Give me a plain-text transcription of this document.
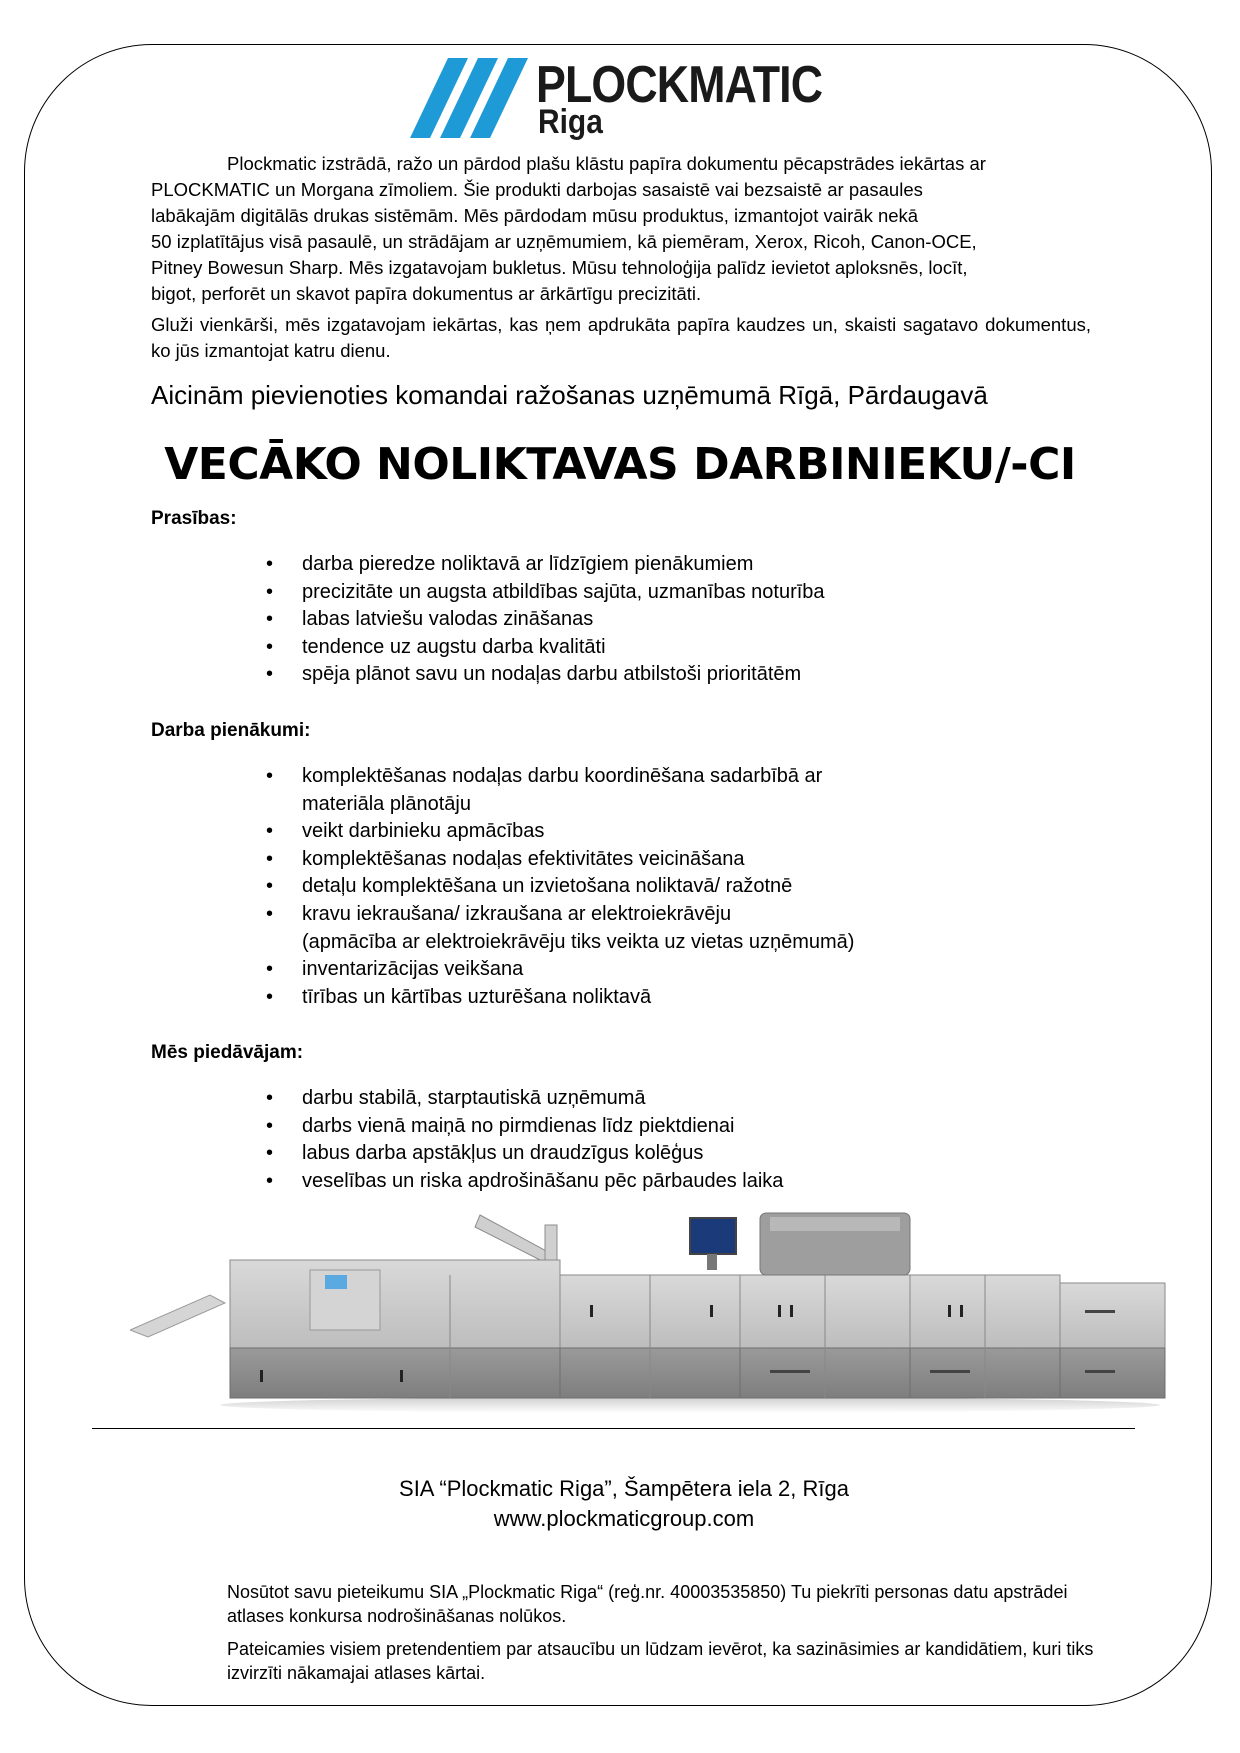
PLOCKMATIC
Riga

Plockmatic izstrādā, ražo un pārdod plašu klāstu papīra dokumentu pēcapstrādes iekārtas ar

PLOCKMATIC un Morgana zīmoliem. Šie produkti darbojas sasaistē vai bezsaistē ar pasaules

labākajām digitālās drukas sistēmām. Mēs pārdodam mūsu produktus, izmantojot vairāk nekā

50 izplatītājus visā pasaulē, un strādājam ar uzņēmumiem, kā piemēram, Xerox, Ricoh, Canon-OCE,

Pitney Bowesun Sharp. Mēs izgatavojam bukletus. Mūsu tehnoloģija palīdz ievietot aploksnēs, locīt,

bigot, perforēt un skavot papīra dokumentus ar ārkārtīgu precizitāti.

Gluži vienkārši, mēs izgatavojam iekārtas, kas ņem apdrukāta papīra kaudzes un, skaisti sagatavo dokumentus, ko jūs izmantojat katru dienu.
Aicinām pievienoties komandai ražošanas uzņēmumā Rīgā, Pārdaugavā
VECĀKO NOLIKTAVAS DARBINIEKU/-CI
Prasības:
• darba pieredze noliktavā ar līdzīgiem pienākumiem
• precizitāte un augsta atbildības sajūta, uzmanības noturība
• labas latviešu valodas zināšanas
• tendence uz augstu darba kvalitāti
• spēja plānot savu un nodaļas darbu atbilstoši prioritātēm
Darba pienākumi:
• komplektēšanas nodaļas darbu koordinēšana sadarbībā ar
materiāla plānotāju
• veikt darbinieku apmācības
• komplektēšanas nodaļas efektivitātes veicināšana
• detaļu komplektēšana un izvietošana noliktavā/ ražotnē
• kravu iekraušana/ izkraušana ar elektroiekrāvēju
(apmācība ar elektroiekrāvēju tiks veikta uz vietas uzņēmumā)
• inventarizācijas veikšana
• tīrības un kārtības uzturēšana noliktavā
Mēs piedāvājam:
• darbu stabilā, starptautiskā uzņēmumā
• darbs vienā maiņā no pirmdienas līdz piektdienai
• labus darba apstākļus un draudzīgus kolēģus
• veselības un riska apdrošināšanu pēc pārbaudes laika
SIA “Plockmatic Riga”, Šampētera iela 2, Rīga
www.plockmaticgroup.com
Nosūtot savu pieteikumu SIA „Plockmatic Riga“ (reģ.nr. 40003535850) Tu piekrīti personas datu apstrādei atlases konkursa nodrošināšanas nolūkos.
Pateicamies visiem pretendentiem par atsaucību un lūdzam ievērot, ka sazināsimies ar kandidātiem, kuri tiks izvirzīti nākamajai atlases kārtai.
